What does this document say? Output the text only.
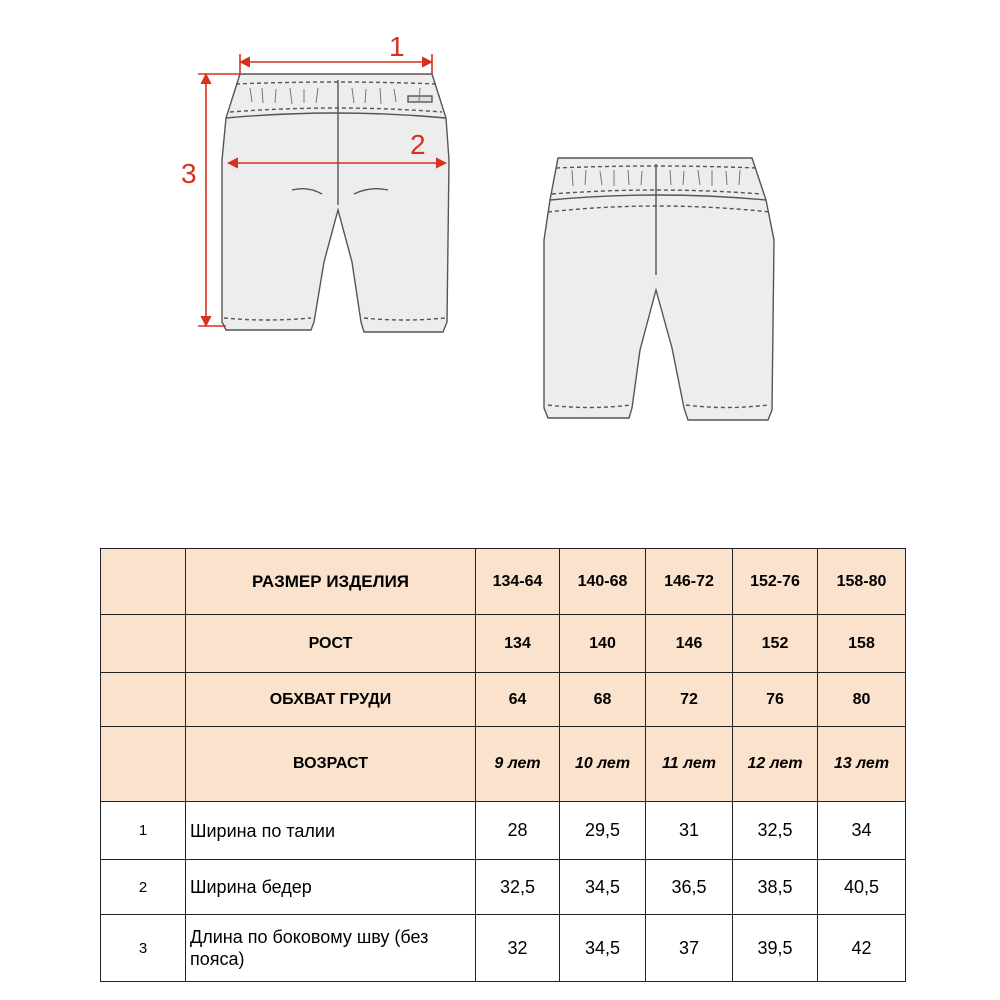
1
2
3
	РАЗМЕР ИЗДЕЛИЯ	134-64	140-68	146-72	152-76	158-80
	РОСТ	134	140	146	152	158
	ОБХВАТ ГРУДИ	64	68	72	76	80
	ВОЗРАСТ	9 лет	10 лет	11 лет	12 лет	13 лет
1	Ширина по талии	28	29,5	31	32,5	34
2	Ширина бедер	32,5	34,5	36,5	38,5	40,5
3	Длина по боковому шву (без пояса)	32	34,5	37	39,5	42
